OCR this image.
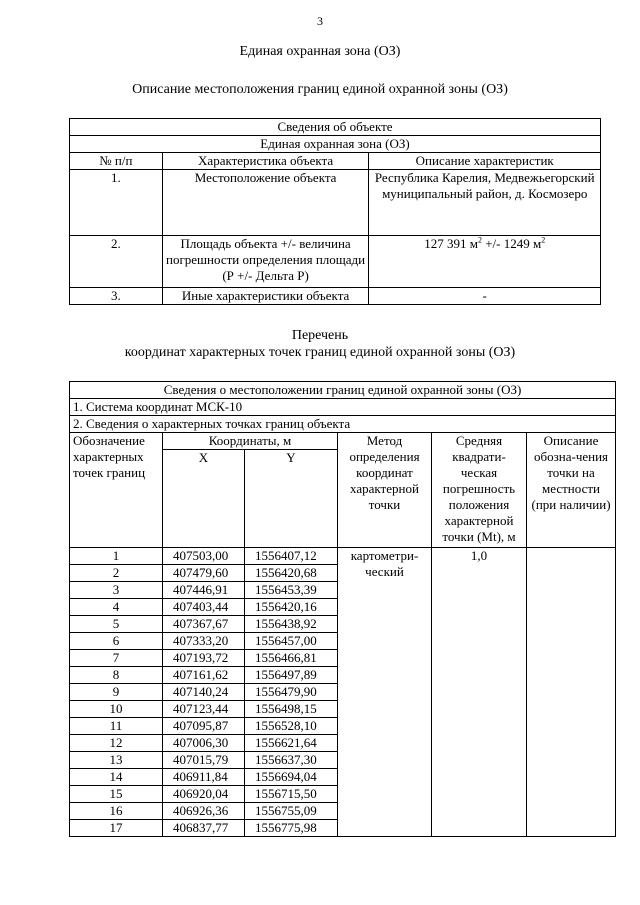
3
Единая охранная зона (ОЗ)
Описание местоположения границ единой охранной зоны (ОЗ)
Сведения об объекте		
Единая охранная зона (ОЗ)		
№ п/п	Характеристика объекта	Описание характеристик
1.	Местоположение объекта	Республика Карелия, Медвежьегорский муниципальный район, д. Космозеро
2.	Площадь объекта +/- величина погрешности определения площади (Р +/- Дельта Р)	127 391 $м^2$ +/- 1249 $м^2$
3.	Иные характеристики объекта	-
Перечень
координат характерных точек границ единой охранной зоны (ОЗ)
Сведения о местоположении границ единой охранной зоны (ОЗ)					
1. Система координат МСК-10					
2. Сведения о характерных точках границ объекта					
Обозначение характерных точек границ	Координаты, м		Метод определения координат характерной точки	Средняя квадрати-ческая погрешность положения характерной точки (Mt), м	Описание обозна-чения точки на местности (при наличии)
	X	Y			
1	407503,00	1556407,12	картометри-ческий	1,0	
2	407479,60	1556420,68			
3	407446,91	1556453,39			
4	407403,44	1556420,16			
5	407367,67	1556438,92			
6	407333,20	1556457,00			
7	407193,72	1556466,81			
8	407161,62	1556497,89			
9	407140,24	1556479,90			
10	407123,44	1556498,15			
11	407095,87	1556528,10			
12	407006,30	1556621,64			
13	407015,79	1556637,30			
14	406911,84	1556694,04			
15	406920,04	1556715,50			
16	406926,36	1556755,09			
17	406837,77	1556775,98			
